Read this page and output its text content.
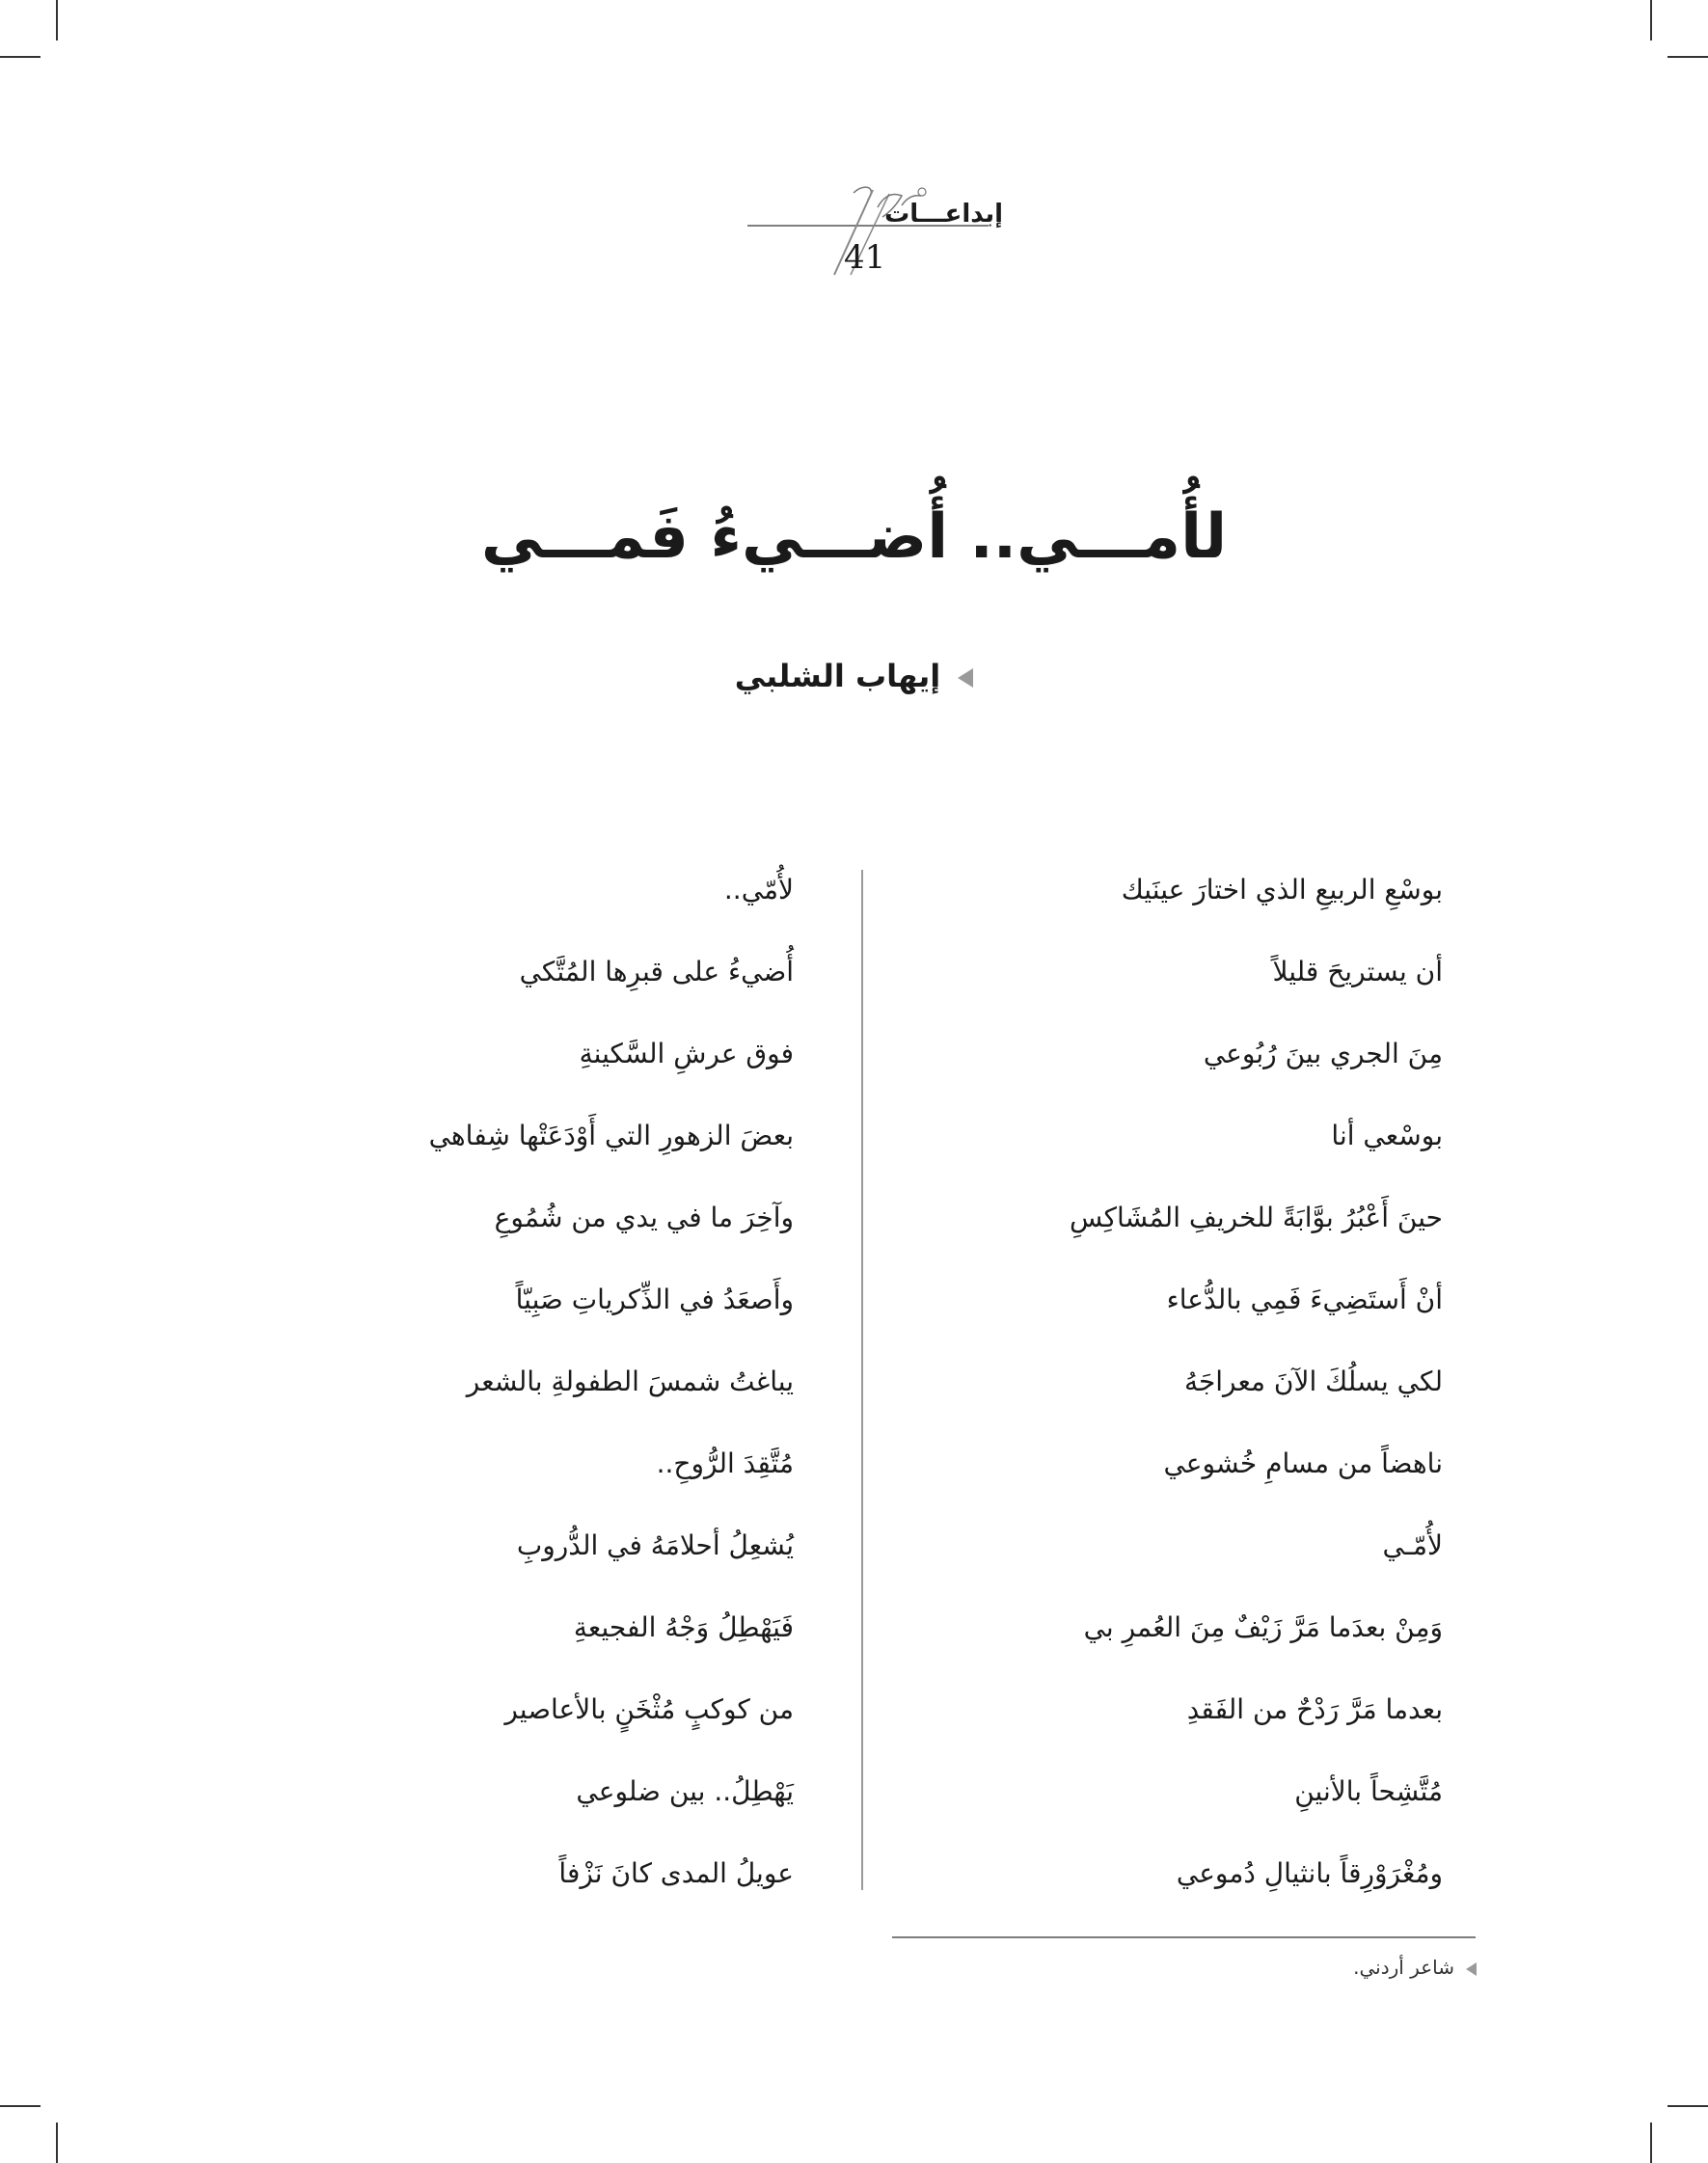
إبداعـــات
41
لأُمـــي.. أُضـــيءُ فَمـــي
إيهاب الشلبي
بوسْعِ الربيعِ الذي اختارَ عينَيك
أن يستريحَ قليلاً
مِنَ الجري بينَ رُبُوعي
بوسْعي أنا
حينَ أَعْبُرُ بوَّابَةً للخريفِ المُشَاكِسِ
أنْ أَستَضِيءَ فَمِي بالدُّعاء
لكي يسلُكَ الآنَ معراجَهُ
ناهضاً من مسامِ خُشوعي
لأُمّـي
وَمِنْ بعدَما مَرَّ زَيْفٌ مِنَ العُمرِ بي
بعدما مَرَّ رَدْحٌ من الفَقدِ
مُتَّشِحاً بالأنينِ
ومُغْرَوْرِقاً بانثيالِ دُموعي
لأُمّي..
أُضيءُ على قبرِها المُتَّكي
فوق عرشِ السَّكينةِ
بعضَ الزهورِ التي أَوْدَعَتْها شِفاهي
وآخِرَ ما في يدي من شُمُوعِ
وأَصعَدُ في الذِّكرياتِ صَبِيّاً
يباغتُ شمسَ الطفولةِ بالشعر
مُتَّقِدَ الرُّوحِ..
يُشعِلُ أحلامَهُ في الدُّروبِ
فَيَهْطِلُ وَجْهُ الفجيعةِ
من كوكبٍ مُثْخَنٍ بالأعاصير
يَهْطِلُ.. بين ضلوعي
عويلُ المدى كانَ نَزْفاً
شاعر أردني.
